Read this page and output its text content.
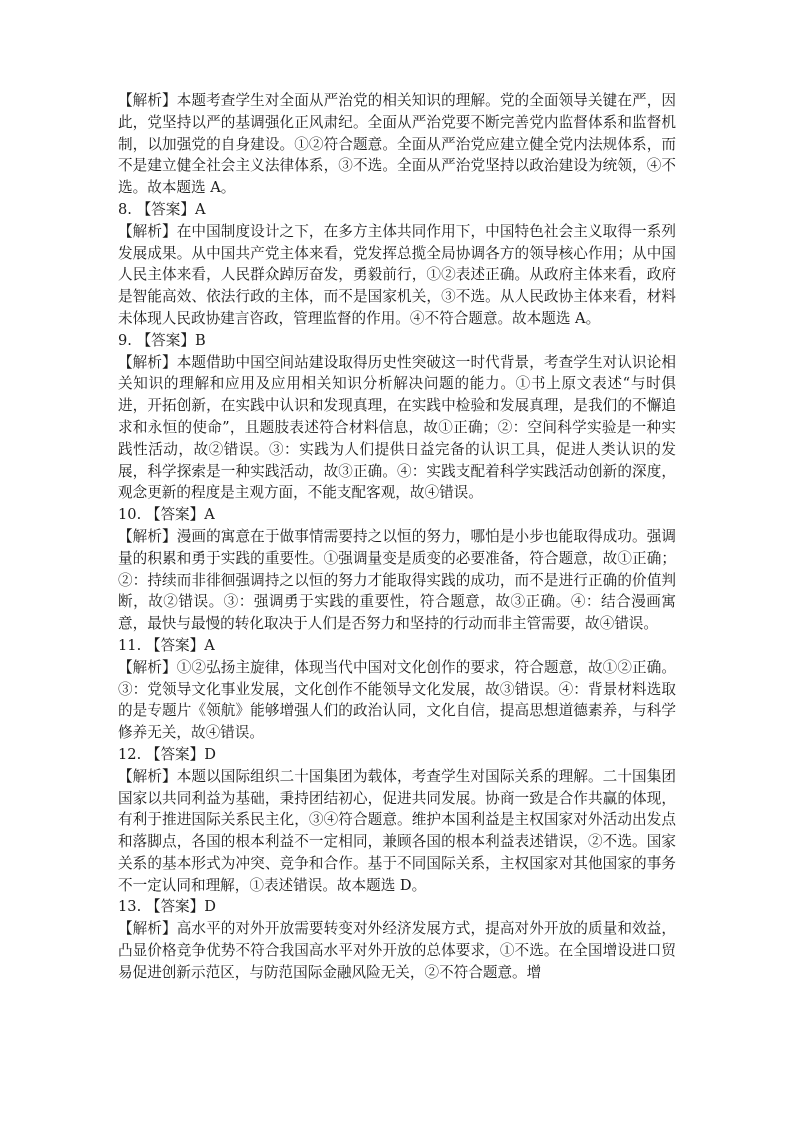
【解析】本题考查学生对全面从严治党的相关知识的理解。党的全面领导关键在严，因此，党坚持以严的基调强化正风肃纪。全面从严治党要不断完善党内监督体系和监督机制，以加强党的自身建设。①②符合题意。全面从严治党应建立健全党内法规体系，而不是建立健全社会主义法律体系，③不选。全面从严治党坚持以政治建设为统领，④不选。故本题选 A。

8. 【答案】A

【解析】在中国制度设计之下，在多方主体共同作用下，中国特色社会主义取得一系列发展成果。从中国共产党主体来看，党发挥总揽全局协调各方的领导核心作用；从中国人民主体来看，人民群众踔厉奋发，勇毅前行，①②表述正确。从政府主体来看，政府是智能高效、依法行政的主体，而不是国家机关，③不选。从人民政协主体来看，材料未体现人民政协建言咨政，管理监督的作用。④不符合题意。故本题选 A。

9. 【答案】B

【解析】本题借助中国空间站建设取得历史性突破这一时代背景，考查学生对认识论相关知识的理解和应用及应用相关知识分析解决问题的能力。①书上原文表述“与时俱进，开拓创新，在实践中认识和发现真理，在实践中检验和发展真理，是我们的不懈追求和永恒的使命”，且题肢表述符合材料信息，故①正确；②：空间科学实验是一种实践性活动，故②错误。③：实践为人们提供日益完备的认识工具，促进人类认识的发展，科学探索是一种实践活动，故③正确。④：实践支配着科学实践活动创新的深度，观念更新的程度是主观方面，不能支配客观，故④错误。

10. 【答案】A

【解析】漫画的寓意在于做事情需要持之以恒的努力，哪怕是小步也能取得成功。强调量的积累和勇于实践的重要性。①强调量变是质变的必要准备，符合题意，故①正确；②：持续而非徘徊强调持之以恒的努力才能取得实践的成功，而不是进行正确的价值判断，故②错误。③：强调勇于实践的重要性，符合题意，故③正确。④：结合漫画寓意，最快与最慢的转化取决于人们是否努力和坚持的行动而非主管需要，故④错误。

11. 【答案】A

【解析】①②弘扬主旋律，体现当代中国对文化创作的要求，符合题意，故①②正确。③：党领导文化事业发展，文化创作不能领导文化发展，故③错误。④：背景材料选取的是专题片《领航》能够增强人们的政治认同，文化自信，提高思想道德素养，与科学修养无关，故④错误。

12. 【答案】D

【解析】本题以国际组织二十国集团为载体，考查学生对国际关系的理解。二十国集团国家以共同利益为基础，秉持团结初心，促进共同发展。协商一致是合作共赢的体现，有利于推进国际关系民主化，③④符合题意。维护本国利益是主权国家对外活动出发点和落脚点，各国的根本利益不一定相同，兼顾各国的根本利益表述错误，②不选。国家关系的基本形式为冲突、竞争和合作。基于不同国际关系，主权国家对其他国家的事务不一定认同和理解，①表述错误。故本题选 D。

13. 【答案】D

【解析】高水平的对外开放需要转变对外经济发展方式，提高对外开放的质量和效益，凸显价格竞争优势不符合我国高水平对外开放的总体要求，①不选。在全国增设进口贸易促进创新示范区，与防范国际金融风险无关，②不符合题意。增
